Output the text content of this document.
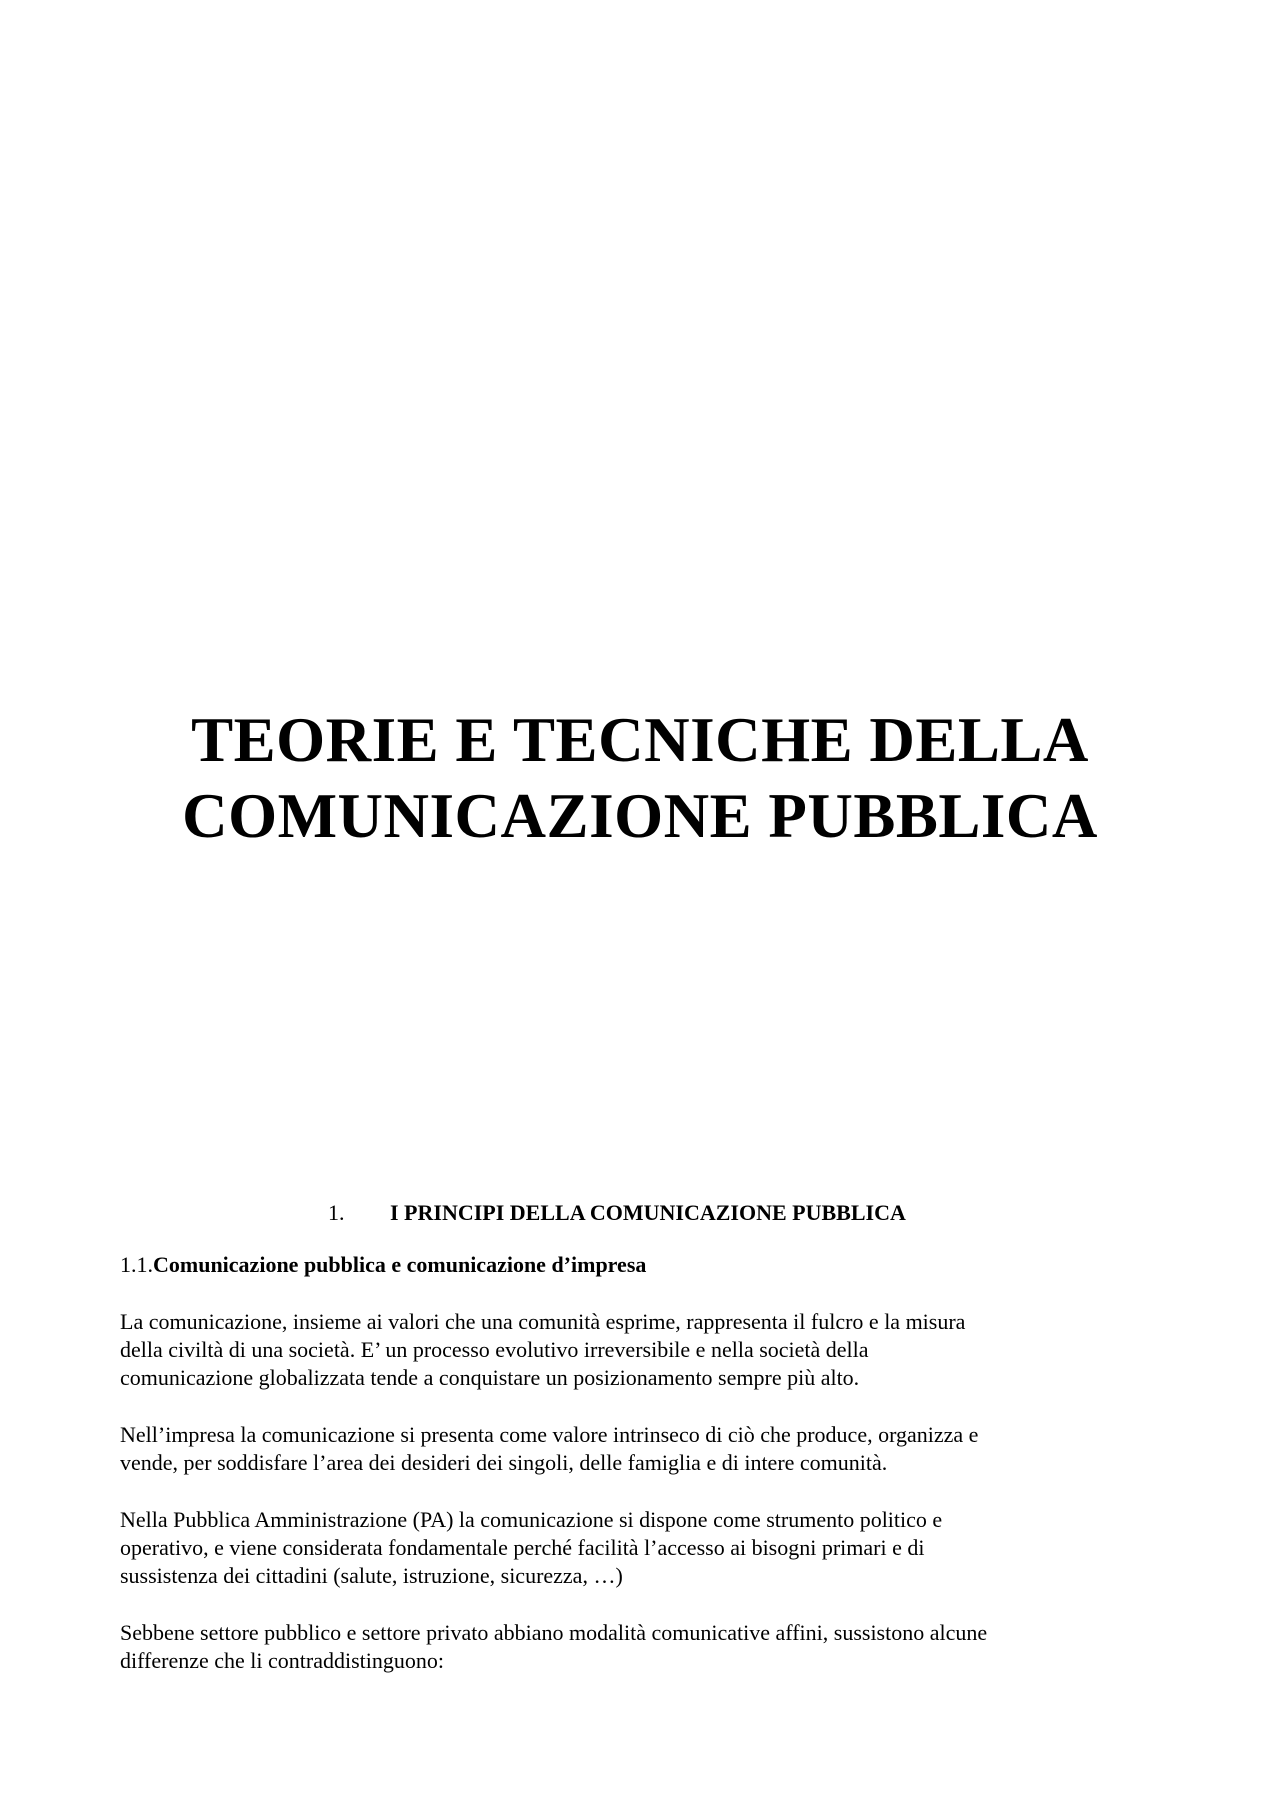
TEORIE E TECNICHE DELLA
COMUNICAZIONE PUBBLICA
1. I PRINCIPI DELLA COMUNICAZIONE PUBBLICA
1.1.Comunicazione pubblica e comunicazione d’impresa
La comunicazione, insieme ai valori che una comunità esprime, rappresenta il fulcro e la misura
della civiltà di una società. E’ un processo evolutivo irreversibile e nella società della
comunicazione globalizzata tende a conquistare un posizionamento sempre più alto.
Nell’impresa la comunicazione si presenta come valore intrinseco di ciò che produce, organizza e
vende, per soddisfare l’area dei desideri dei singoli, delle famiglia e di intere comunità.
Nella Pubblica Amministrazione (PA) la comunicazione si dispone come strumento politico e
operativo, e viene considerata fondamentale perché facilità l’accesso ai bisogni primari e di
sussistenza dei cittadini (salute, istruzione, sicurezza, …)
Sebbene settore pubblico e settore privato abbiano modalità comunicative affini, sussistono alcune
differenze che li contraddistinguono:
